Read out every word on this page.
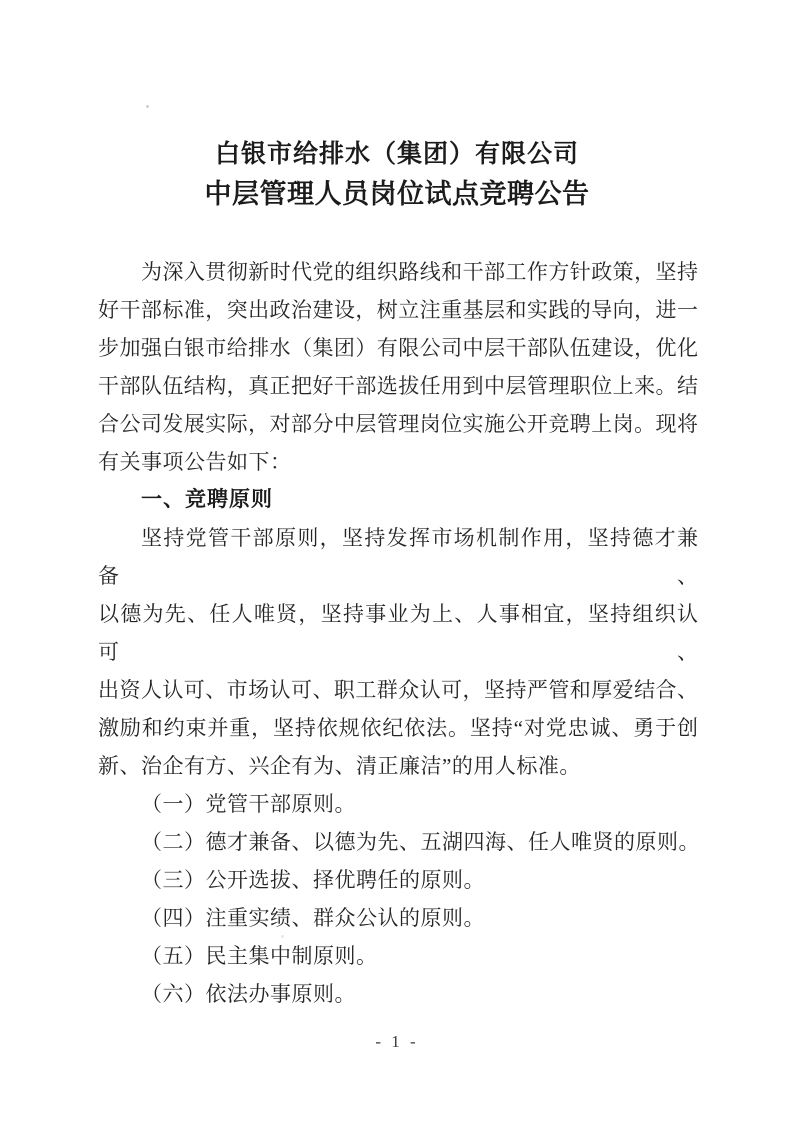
白银市给排水（集团）有限公司
中层管理人员岗位试点竞聘公告
为深入贯彻新时代党的组织路线和干部工作方针政策，坚持
好干部标准，突出政治建设，树立注重基层和实践的导向，进一
步加强白银市给排水（集团）有限公司中层干部队伍建设，优化
干部队伍结构，真正把好干部选拔任用到中层管理职位上来。结
合公司发展实际，对部分中层管理岗位实施公开竞聘上岗。现将
有关事项公告如下：
一、竞聘原则
坚持党管干部原则，坚持发挥市场机制作用，坚持德才兼备、
以德为先、任人唯贤，坚持事业为上、人事相宜，坚持组织认可、
出资人认可、市场认可、职工群众认可，坚持严管和厚爱结合、
激励和约束并重，坚持依规依纪依法。坚持“对党忠诚、勇于创
新、治企有方、兴企有为、清正廉洁”的用人标准。
（一）党管干部原则。
（二）德才兼备、以德为先、五湖四海、任人唯贤的原则。
（三）公开选拔、择优聘任的原则。
（四）注重实绩、群众公认的原则。
（五）民主集中制原则。
（六）依法办事原则。
- 1 -
